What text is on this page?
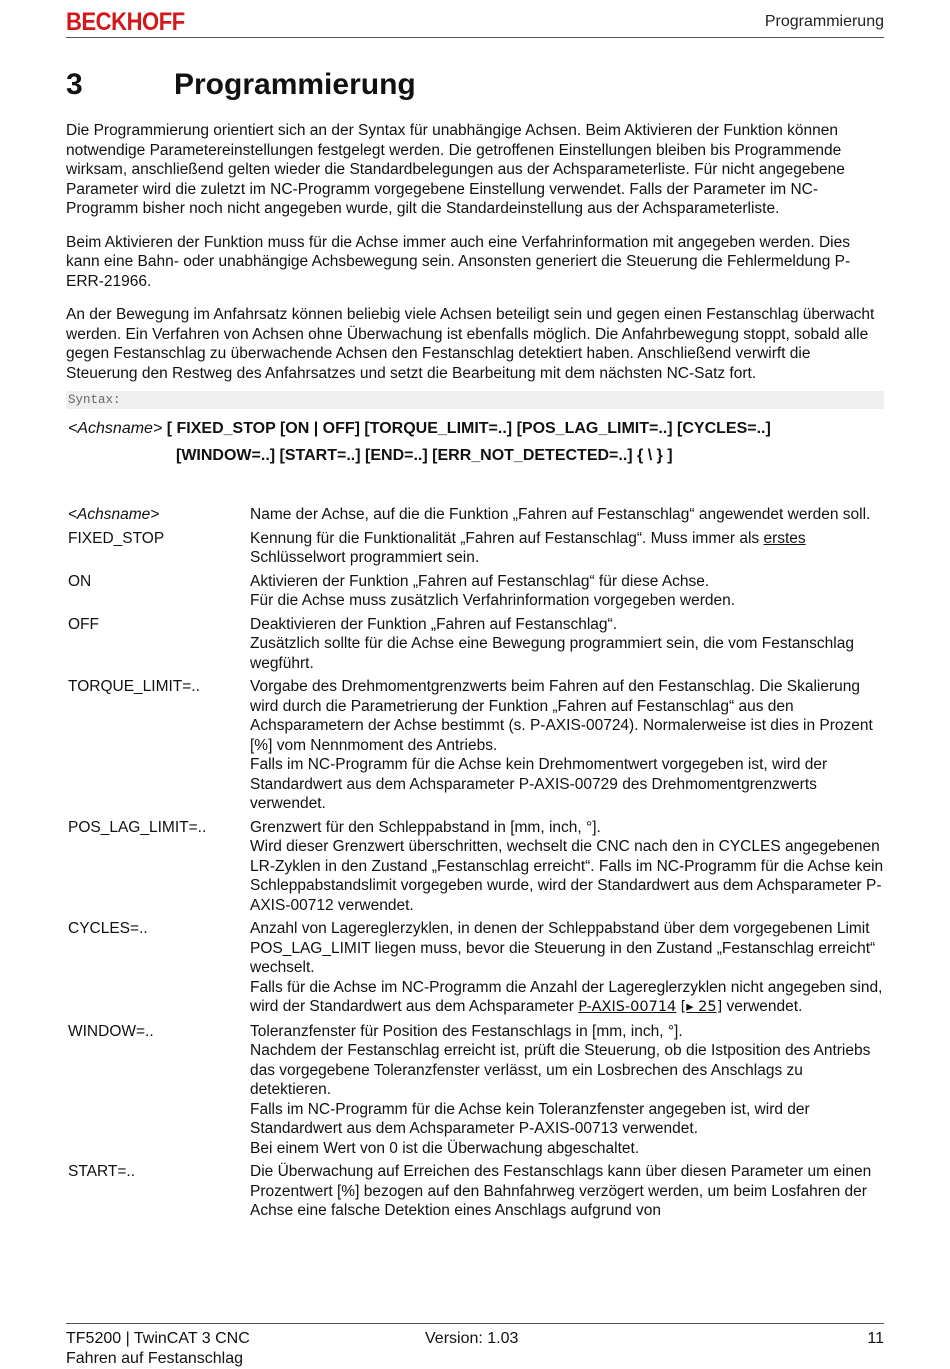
BECKHOFF	Programmierung
3	Programmierung

Die Programmierung orientiert sich an der Syntax für unabhängige Achsen. Beim Aktivieren der Funktion können notwendige Parametereinstellungen festgelegt werden. Die getroffenen Einstellungen bleiben bis Programmende wirksam, anschließend gelten wieder die Standardbelegungen aus der Achsparameterliste. Für nicht angegebene Parameter wird die zuletzt im NC-Programm vorgegebene Einstellung verwendet. Falls der Parameter im NC-Programm bisher noch nicht angegeben wurde, gilt die Standardeinstellung aus der Achsparameterliste.

Beim Aktivieren der Funktion muss für die Achse immer auch eine Verfahrinformation mit angegeben werden. Dies kann eine Bahn- oder unabhängige Achsbewegung sein. Ansonsten generiert die Steuerung die Fehlermeldung P-ERR-21966.

An der Bewegung im Anfahrsatz können beliebig viele Achsen beteiligt sein und gegen einen Festanschlag überwacht werden. Ein Verfahren von Achsen ohne Überwachung ist ebenfalls möglich. Die Anfahrbewegung stoppt, sobald alle gegen Festanschlag zu überwachende Achsen den Festanschlag detektiert haben. Anschließend verwirft die Steuerung den Restweg des Anfahrsatzes und setzt die Bearbeitung mit dem nächsten NC-Satz fort.

Syntax:
<Achsname> [ FIXED_STOP [ON | OFF] [TORQUE_LIMIT=..] [POS_LAG_LIMIT=..] [CYCLES=..]
[WINDOW=..] [START=..] [END=..] [ERR_NOT_DETECTED=..] { \ } ]
<Achsname>	Name der Achse, auf die die Funktion „Fahren auf Festanschlag“ angewendet werden soll.
FIXED_STOP	Kennung für die Funktionalität „Fahren auf Festanschlag“. Muss immer als erstes Schlüsselwort programmiert sein.
ON	Aktivieren der Funktion „Fahren auf Festanschlag“ für diese Achse.
Für die Achse muss zusätzlich Verfahrinformation vorgegeben werden.
OFF	Deaktivieren der Funktion „Fahren auf Festanschlag“.
Zusätzlich sollte für die Achse eine Bewegung programmiert sein, die vom Festanschlag wegführt.
TORQUE_LIMIT=..	Vorgabe des Drehmomentgrenzwerts beim Fahren auf den Festanschlag. Die Skalierung wird durch die Parametrierung der Funktion „Fahren auf Festanschlag“ aus den Achsparametern der Achse bestimmt (s. P-AXIS-00724). Normalerweise ist dies in Prozent [%] vom Nennmoment des Antriebs.
Falls im NC-Programm für die Achse kein Drehmomentwert vorgegeben ist, wird der Standardwert aus dem Achsparameter P-AXIS-00729 des Drehmomentgrenzwerts verwendet.
POS_LAG_LIMIT=..	Grenzwert für den Schleppabstand in [mm, inch, °].
Wird dieser Grenzwert überschritten, wechselt die CNC nach den in CYCLES angegebenen LR-Zyklen in den Zustand „Festanschlag erreicht“. Falls im NC-Programm für die Achse kein Schleppabstandslimit vorgegeben wurde, wird der Standardwert aus dem Achsparameter P-AXIS-00712 verwendet.
CYCLES=..	Anzahl von Lagereglerzyklen, in denen der Schleppabstand über dem vorgegebenen Limit POS_LAG_LIMIT liegen muss, bevor die Steuerung in den Zustand „Festanschlag erreicht“ wechselt.
Falls für die Achse im NC-Programm die Anzahl der Lagereglerzyklen nicht angegeben sind, wird der Standardwert aus dem Achsparameter P-AXIS-00714 [▸ 25] verwendet.
WINDOW=..	Toleranzfenster für Position des Festanschlags in [mm, inch, °].
Nachdem der Festanschlag erreicht ist, prüft die Steuerung, ob die Istposition des Antriebs das vorgegebene Toleranzfenster verlässt, um ein Losbrechen des Anschlags zu detektieren.
Falls im NC-Programm für die Achse kein Toleranzfenster angegeben ist, wird der Standardwert aus dem Achsparameter P-AXIS-00713 verwendet.
Bei einem Wert von 0 ist die Überwachung abgeschaltet.
START=..	Die Überwachung auf Erreichen des Festanschlags kann über diesen Parameter um einen Prozentwert [%] bezogen auf den Bahnfahrweg verzögert werden, um beim Losfahren der Achse eine falsche Detektion eines Anschlags aufgrund von
TF5200 | TwinCAT 3 CNC
Fahren auf Festanschlag
Version: 1.03	11
